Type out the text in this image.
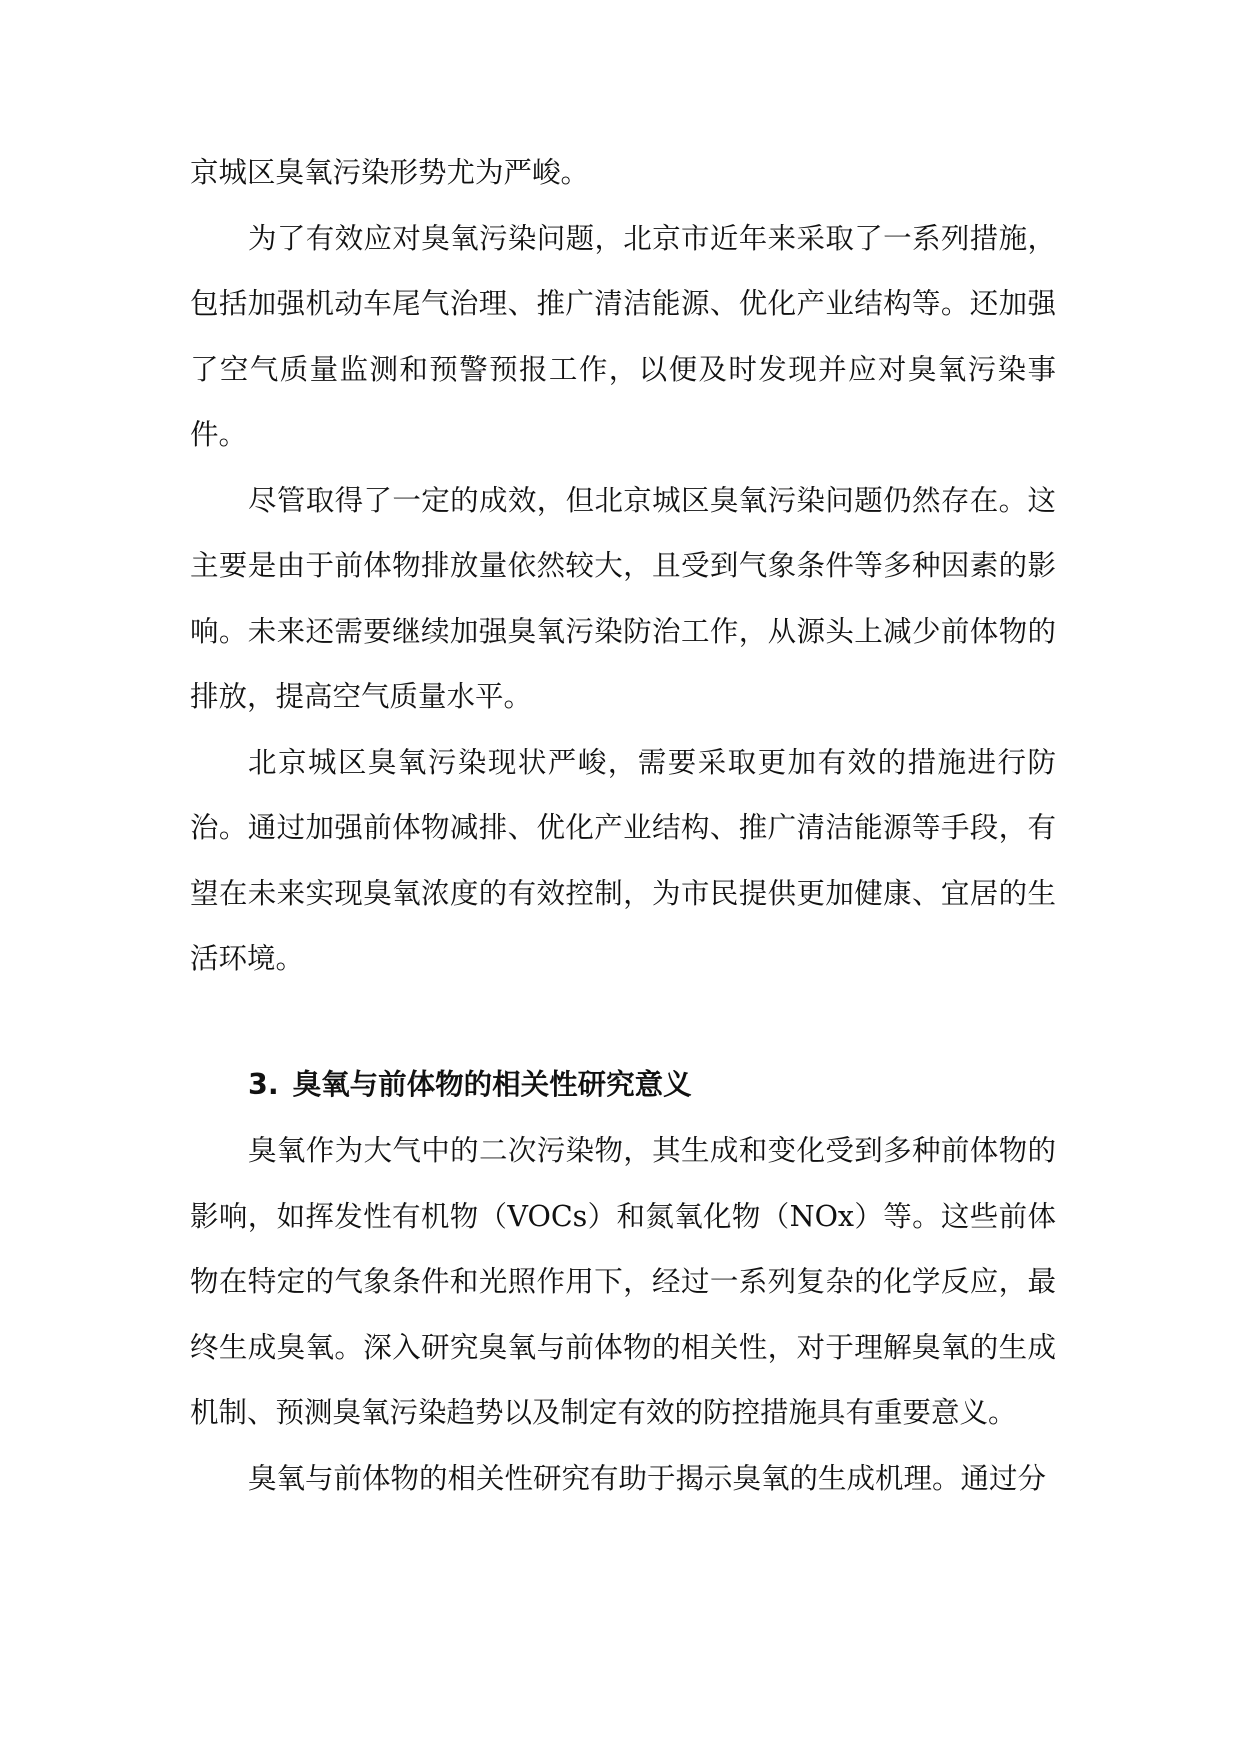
京城区臭氧污染形势尤为严峻。

为了有效应对臭氧污染问题，北京市近年来采取了一系列措施，包括加强机动车尾气治理、推广清洁能源、优化产业结构等。还加强了空气质量监测和预警预报工作，以便及时发现并应对臭氧污染事件。

尽管取得了一定的成效，但北京城区臭氧污染问题仍然存在。这主要是由于前体物排放量依然较大，且受到气象条件等多种因素的影响。未来还需要继续加强臭氧污染防治工作，从源头上减少前体物的排放，提高空气质量水平。

北京城区臭氧污染现状严峻，需要采取更加有效的措施进行防治。通过加强前体物减排、优化产业结构、推广清洁能源等手段，有望在未来实现臭氧浓度的有效控制，为市民提供更加健康、宜居的生活环境。

3. 臭氧与前体物的相关性研究意义

臭氧作为大气中的二次污染物，其生成和变化受到多种前体物的影响，如挥发性有机物（VOCs）和氮氧化物（NOx）等。这些前体物在特定的气象条件和光照作用下，经过一系列复杂的化学反应，最终生成臭氧。深入研究臭氧与前体物的相关性，对于理解臭氧的生成机制、预测臭氧污染趋势以及制定有效的防控措施具有重要意义。

臭氧与前体物的相关性研究有助于揭示臭氧的生成机理。通过分
